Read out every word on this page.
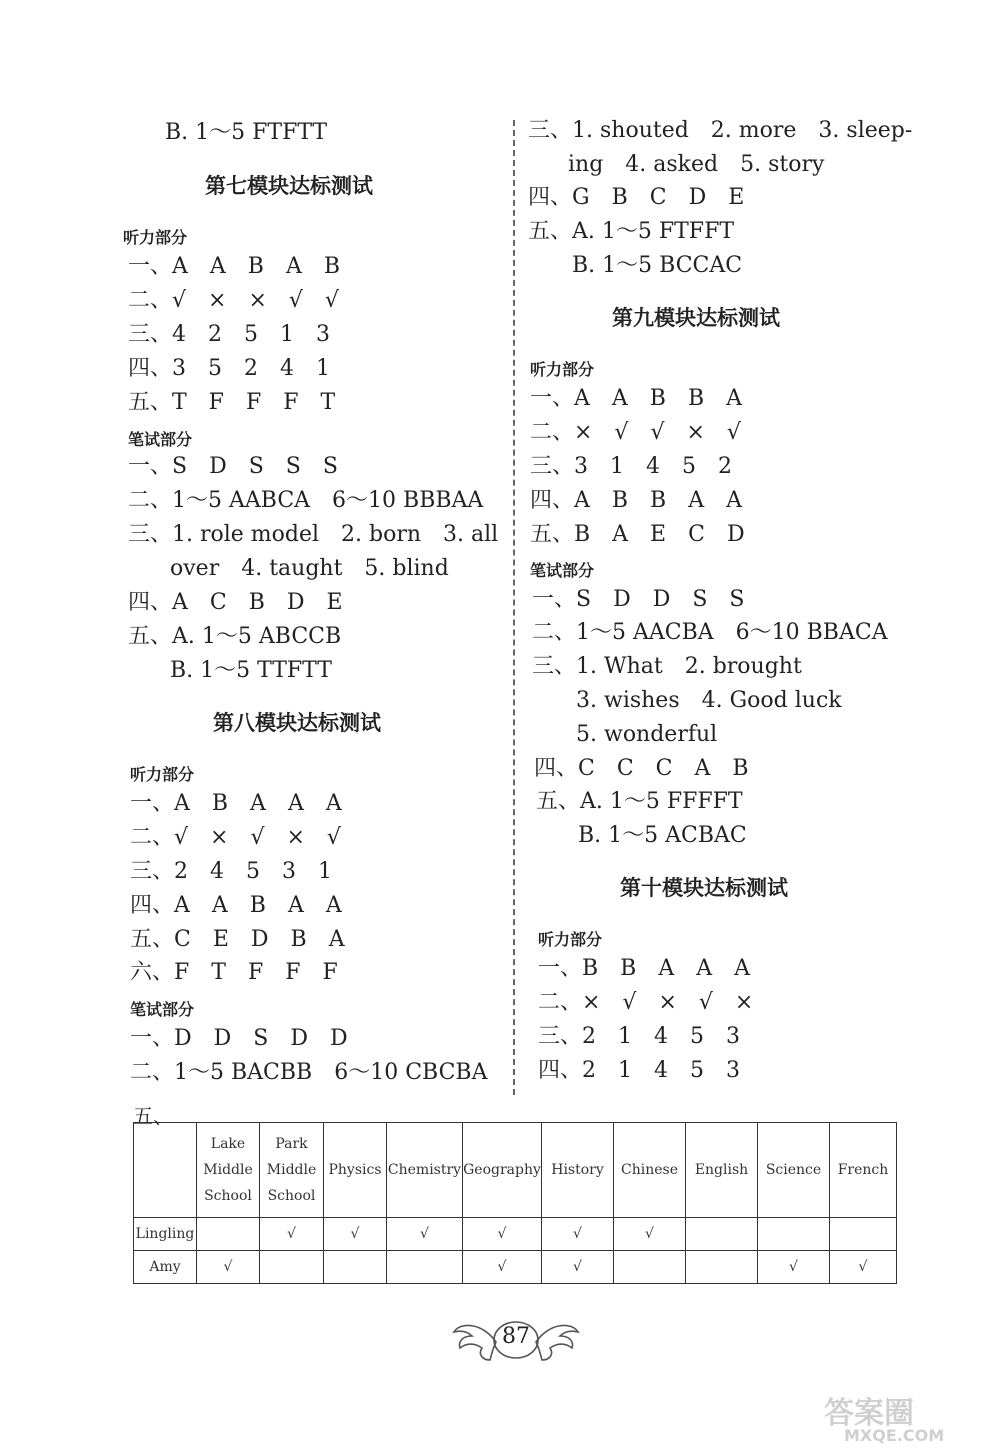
B. 1～5 FTFTT
第七模块达标测试
听力部分
一、A　A　B　A　B
二、√　×　×　√　√
三、4　2　5　1　3
四、3　5　2　4　1
五、T　F　F　F　T
笔试部分
一、S　D　S　S　S
二、1～5 AABCA　6～10 BBBAA
三、1. role model　2. born　3. all
over　4. taught　5. blind
四、A　C　B　D　E
五、A. 1～5 ABCCB
B. 1～5 TTFTT
第八模块达标测试
听力部分
一、A　B　A　A　A
二、√　×　√　×　√
三、2　4　5　3　1
四、A　A　B　A　A
五、C　E　D　B　A
六、F　T　F　F　F
笔试部分
一、D　D　S　D　D
二、1～5 BACBB　6～10 CBCBA
三、1. shouted　2. more　3. sleep-
ing　4. asked　5. story
四、G　B　C　D　E
五、A. 1～5 FTFFT
B. 1～5 BCCAC
第九模块达标测试
听力部分
一、A　A　B　B　A
二、×　√　√　×　√
三、3　1　4　5　2
四、A　B　B　A　A
五、B　A　E　C　D
笔试部分
一、S　D　D　S　S
二、1～5 AACBA　6～10 BBACA
三、1. What　2. brought
3. wishes　4. Good luck
5. wonderful
四、C　C　C　A　B
五、A. 1～5 FFFFT
B. 1～5 ACBAC
第十模块达标测试
听力部分
一、B　B　A　A　A
二、×　√　×　√　×
三、2　1　4　5　3
四、2　1　4　5　3
五、
	Lake Middle School	Park Middle School	Physics	Chemistry	Geography	History	Chinese	English	Science	French
Lingling		√	√	√	√	√	√			
Amy	√				√	√			√	√
87
答案圈
MXQE.COM
